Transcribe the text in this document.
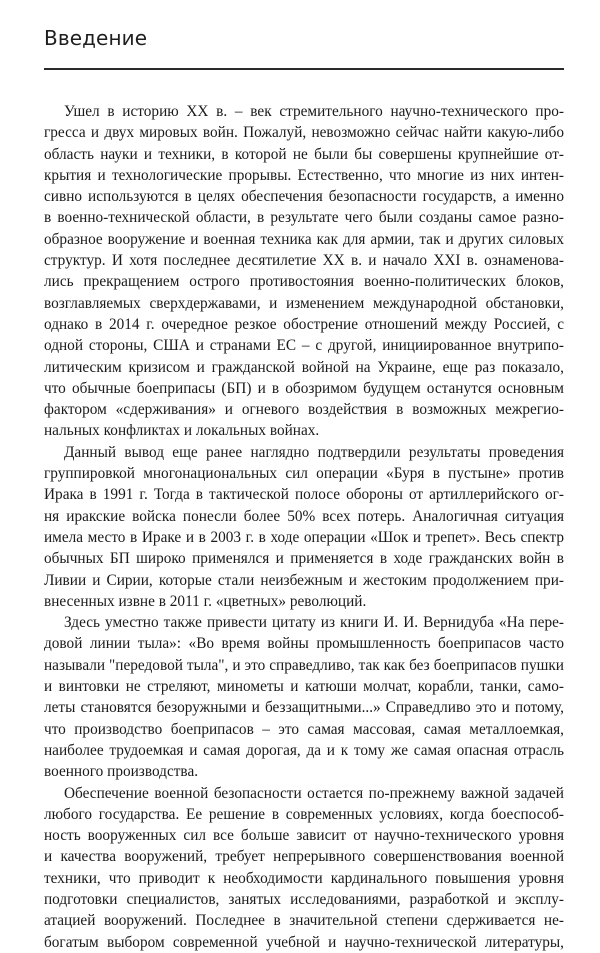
Введение
Ушел в историю XX в. – век стремительного научно-технического про-
гресса и двух мировых войн. Пожалуй, невозможно сейчас найти какую-либо
область науки и техники, в которой не были бы совершены крупнейшие от-
крытия и технологические прорывы. Естественно, что многие из них интен-
сивно используются в целях обеспечения безопасности государств, а именно
в военно-технической области, в результате чего были созданы самое разно-
образное вооружение и военная техника как для армии, так и других силовых
структур. И хотя последнее десятилетие XX в. и начало XXI в. ознаменова-
лись прекращением острого противостояния военно-политических блоков,
возглавляемых сверхдержавами, и изменением международной обстановки,
однако в 2014 г. очередное резкое обострение отношений между Россией, с
одной стороны, США и странами ЕС – с другой, инициированное внутрипо-
литическим кризисом и гражданской войной на Украине, еще раз показало,
что обычные боеприпасы (БП) и в обозримом будущем останутся основным
фактором «сдерживания» и огневого воздействия в возможных межрегио-
нальных конфликтах и локальных войнах.
Данный вывод еще ранее наглядно подтвердили результаты проведения
группировкой многонациональных сил операции «Буря в пустыне» против
Ирака в 1991 г. Тогда в тактической полосе обороны от артиллерийского ог-
ня иракские войска понесли более 50% всех потерь. Аналогичная ситуация
имела место в Ираке и в 2003 г. в ходе операции «Шок и трепет». Весь спектр
обычных БП широко применялся и применяется в ходе гражданских войн в
Ливии и Сирии, которые стали неизбежным и жестоким продолжением при-
внесенных извне в 2011 г. «цветных» революций.
Здесь уместно также привести цитату из книги И. И. Вернидуба «На пере-
довой линии тыла»: «Во время войны промышленность боеприпасов часто
называли "передовой тыла", и это справедливо, так как без боеприпасов пушки
и винтовки не стреляют, минометы и катюши молчат, корабли, танки, само-
леты становятся безоружными и беззащитными...» Справедливо это и потому,
что производство боеприпасов – это самая массовая, самая металлоемкая,
наиболее трудоемкая и самая дорогая, да и к тому же самая опасная отрасль
военного производства.
Обеспечение военной безопасности остается по-прежнему важной задачей
любого государства. Ее решение в современных условиях, когда боеспособ-
ность вооруженных сил все больше зависит от научно-технического уровня
и качества вооружений, требует непрерывного совершенствования военной
техники, что приводит к необходимости кардинального повышения уровня
подготовки специалистов, занятых исследованиями, разработкой и эксплу-
атацией вооружений. Последнее в значительной степени сдерживается не-
богатым выбором современной учебной и научно-технической литературы,
